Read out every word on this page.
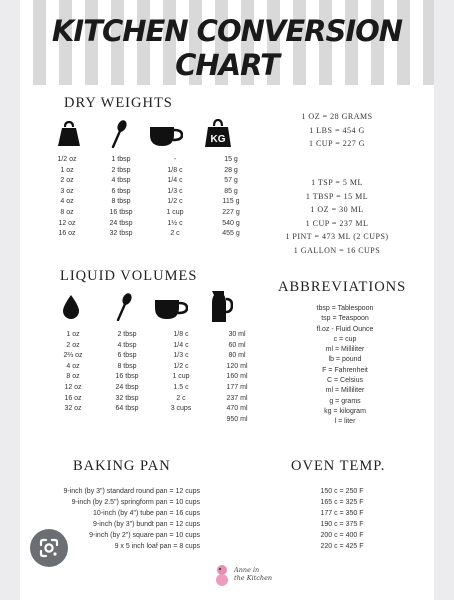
KITCHEN CONVERSION CHART
DRY WEIGHTS
KG
1/2 oz	1 tbsp	-	15 g
1 oz	2 tbsp	1/8 c	28 g
2 oz	4 tbsp	1/4 c	57 g
3 oz	6 tbsp	1/3 c	85 g
4 oz	8 tbsp	1/2 c	115 g
8 oz	16 tbsp	1 cup	227 g
12 oz	24 tbsp	1½ c	540 g
16 oz	32 tbsp	2 c	455 g
1 OZ = 28 GRAMS
1 LBS = 454 G
1 CUP = 227 G
1 TSP = 5 ML
1 TBSP = 15 ML
1 OZ = 30 ML
1 CUP = 237 ML
1 PINT = 473 ML (2 CUPS)
1 GALLON = 16 CUPS
LIQUID VOLUMES
1 oz	2 tbsp	1/8 c	30 ml
2 oz	4 tbsp	1/4 c	60 ml
2⅔ oz	6 tbsp	1/3 c	80 ml
4 oz	8 tbsp	1/2 c	120 ml
8 oz	16 tbsp	1 cup	160 ml
12 oz	24 tbsp	1.5 c	177 ml
16 oz	32 tbsp	2 c	237 ml
32 oz	64 tbsp	3 cups	470 ml
950 ml
ABBREVIATIONS
tbsp = Tablespoon
tsp = Teaspoon
fl.oz - Fluid Ounce
c = cup
ml = Milliliter
lb = pound
F = Fahrenheit
C = Celsius
ml = Milliliter
g = grams
kg = kilogram
l = liter
BAKING PAN
9-inch (by 3") standard round pan = 12 cups
9-inch (by 2.5") springform pan = 10 cups
10-inch (by 4") tube pan = 16 cups
9-inch (by 3") bundt pan = 12 cups
9-inch (by 2") square pan = 10 cups
9 x 5 inch loaf pan = 8 cups
OVEN TEMP.
150 c = 250 F
165 c = 325 F
177 c = 350 F
190 c = 375 F
200 c = 400 F
220 c = 425 F
Anne in
the Kitchen
